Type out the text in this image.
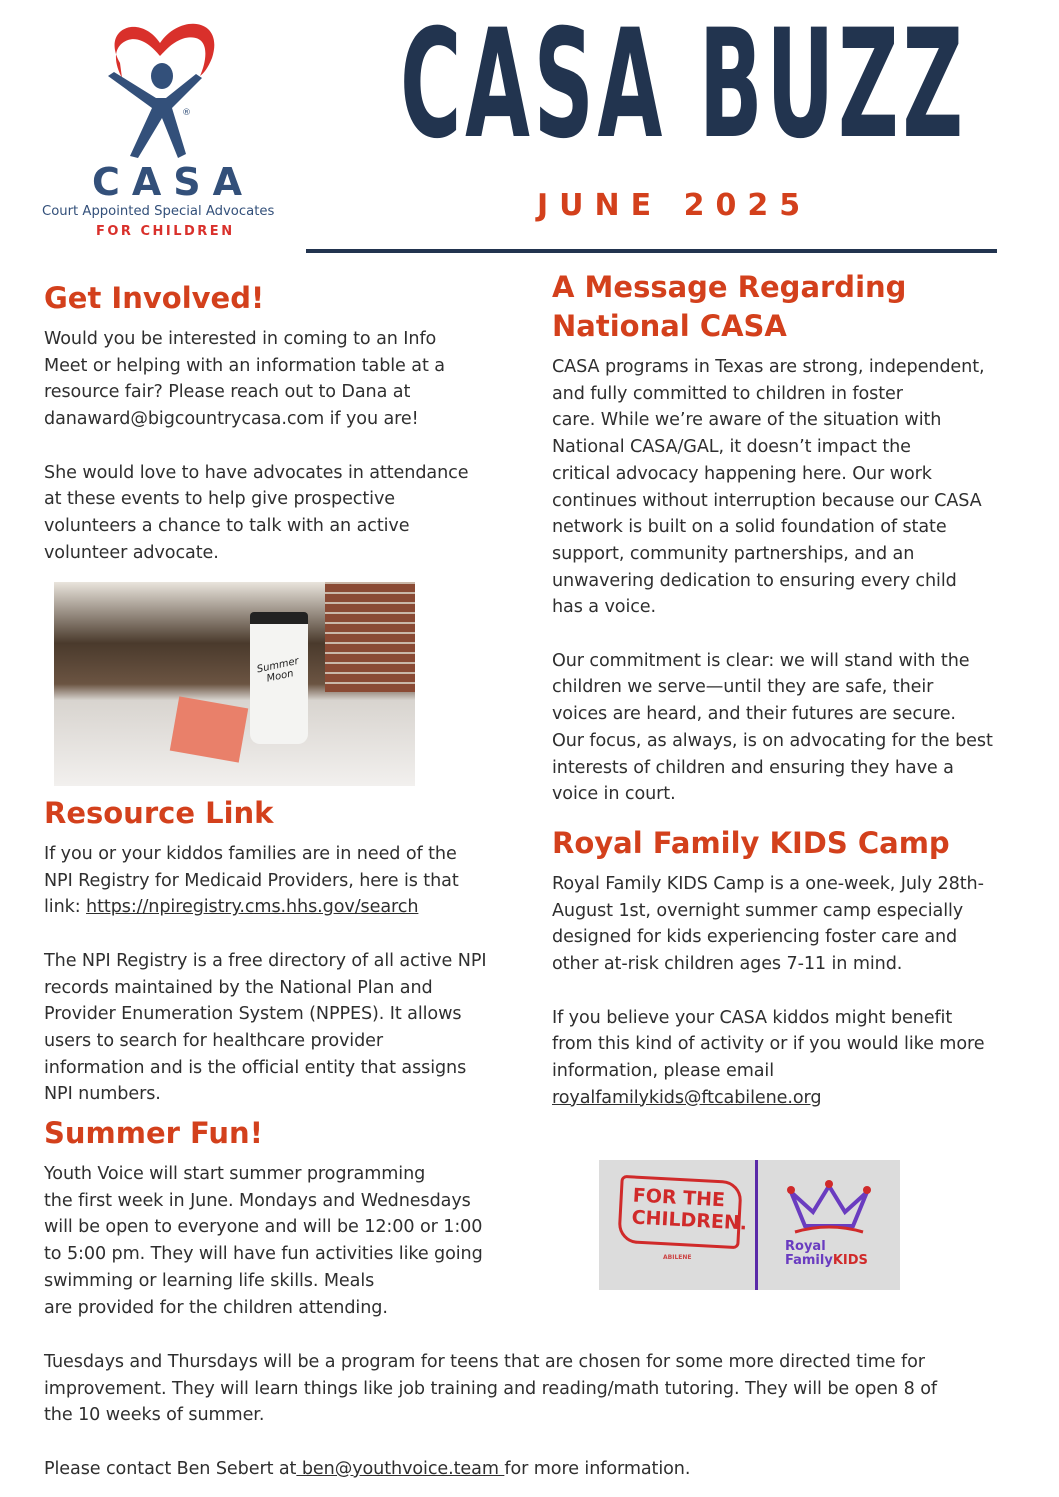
®
CASA
Court Appointed Special Advocates
FOR CHILDREN
CASA BUZZ
JUNE 2025
Get Involved!

Would you be interested in coming to an Info
Meet or helping with an information table at a
resource fair? Please reach out to Dana at
danaward@bigcountrycasa.com if you are!

She would love to have advocates in attendance
at these events to help give prospective
volunteers a chance to talk with an active
volunteer advocate.

Summer Moon
Resource Link

If you or your kiddos families are in need of the
NPI Registry for Medicaid Providers, here is that
link: https://npiregistry.cms.hhs.gov/search

The NPI Registry is a free directory of all active NPI
records maintained by the National Plan and
Provider Enumeration System (NPPES). It allows
users to search for healthcare provider
information and is the official entity that assigns
NPI numbers.

Summer Fun!

Youth Voice will start summer programming
the first week in June. Mondays and Wednesdays
will be open to everyone and will be 12:00 or 1:00
to 5:00 pm. They will have fun activities like going
swimming or learning life skills. Meals
are provided for the children attending.

Tuesdays and Thursdays will be a program for teens that are chosen for some more directed time for
improvement. They will learn things like job training and reading/math tutoring. They will be open 8 of
the 10 weeks of summer.

Please contact Ben Sebert at ben@youthvoice.team for more information.

A Message Regarding
National CASA

CASA programs in Texas are strong, independent,
and fully committed to children in foster
care. While we’re aware of the situation with
National CASA/GAL, it doesn’t impact the
critical advocacy happening here. Our work
continues without interruption because our CASA
network is built on a solid foundation of state
support, community partnerships, and an
unwavering dedication to ensuring every child
has a voice.

Our commitment is clear: we will stand with the
children we serve—until they are safe, their
voices are heard, and their futures are secure.
Our focus, as always, is on advocating for the best
interests of children and ensuring they have a
voice in court.

Royal Family KIDS Camp

Royal Family KIDS Camp is a one-week, July 28th-
August 1st, overnight summer camp especially
designed for kids experiencing foster care and
other at-risk children ages 7-11 in mind.

If you believe your CASA kiddos might benefit
from this kind of activity or if you would like more
information, please email
royalfamilykids@ftcabilene.org

FOR THE
CHILDREN.
ABILENE
Royal
FamilyKIDS
